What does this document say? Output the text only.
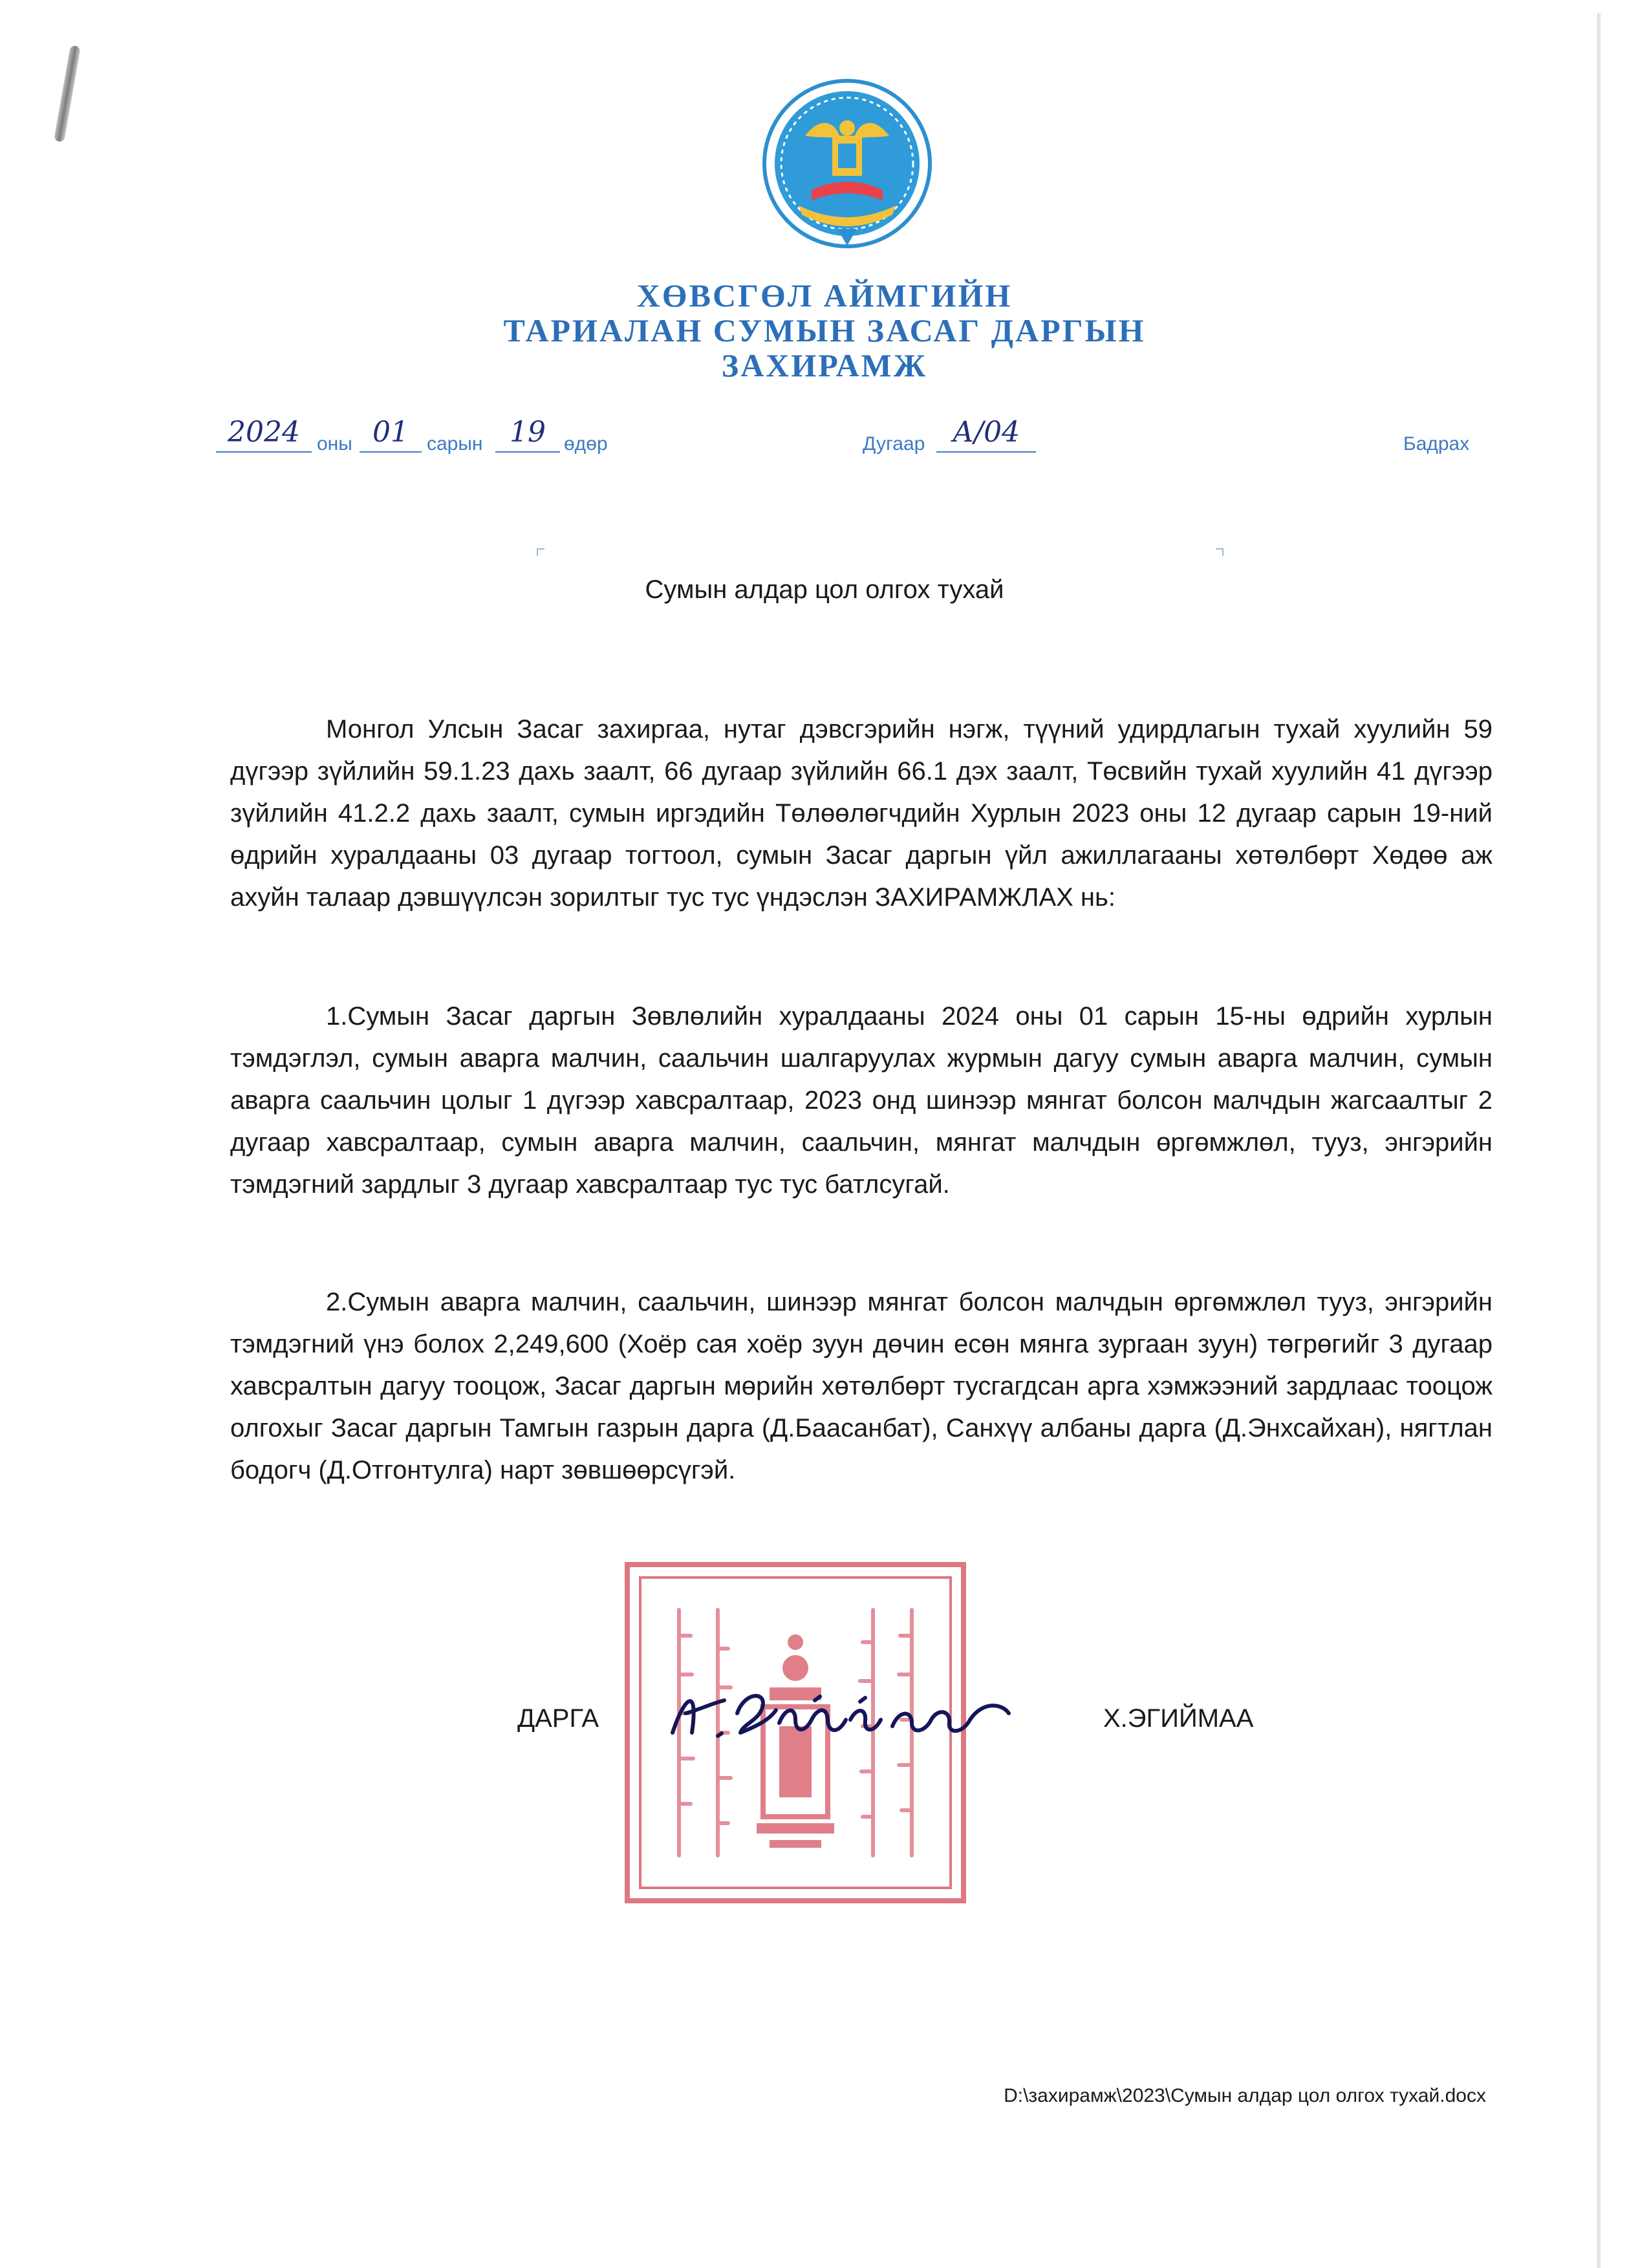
ХӨВСГӨЛ АЙМГИЙН
ТАРИАЛАН СУМЫН ЗАСАГ ДАРГЫН
ЗАХИРАМЖ
2024 оны 01 сарын 19 өдөр	Дугаар А/04	Бадрах
Сумын алдар цол олгох тухай
Монгол Улсын Засаг захиргаа, нутаг дэвсгэрийн нэгж, түүний удирдлагын тухай хуулийн 59 дүгээр зүйлийн 59.1.23 дахь заалт, 66 дугаар зүйлийн 66.1 дэх заалт, Төсвийн тухай хуулийн 41 дүгээр зүйлийн 41.2.2 дахь заалт, сумын иргэдийн Төлөөлөгчдийн Хурлын 2023 оны 12 дугаар сарын 19-ний өдрийн хуралдааны 03 дугаар тогтоол, сумын Засаг даргын үйл ажиллагааны хөтөлбөрт Хөдөө аж ахуйн талаар дэвшүүлсэн зорилтыг тус тус үндэслэн ЗАХИРАМЖЛАХ нь:
1.Сумын Засаг даргын Зөвлөлийн хуралдааны 2024 оны 01 сарын 15-ны өдрийн хурлын тэмдэглэл, сумын аварга малчин, саальчин шалгаруулах журмын дагуу сумын аварга малчин, сумын аварга саальчин цолыг 1 дүгээр хавсралтаар, 2023 онд шинээр мянгат болсон малчдын жагсаалтыг 2 дугаар хавсралтаар, сумын аварга малчин, саальчин, мянгат малчдын өргөмжлөл, тууз, энгэрийн тэмдэгний зардлыг 3 дугаар хавсралтаар тус тус батлсугай.
2.Сумын аварга малчин, саальчин, шинээр мянгат болсон малчдын өргөмжлөл тууз, энгэрийн тэмдэгний үнэ болох 2,249,600 (Хоёр сая хоёр зуун дөчин есөн мянга зургаан зуун) төгрөгийг 3 дугаар хавсралтын дагуу тооцож, Засаг даргын мөрийн хөтөлбөрт тусгагдсан арга хэмжээний зардлаас тооцож олгохыг Засаг даргын Тамгын газрын дарга (Д.Баасанбат), Санхүү албаны дарга (Д.Энхсайхан), нягтлан бодогч (Д.Отгонтулга) нарт зөвшөөрсүгэй.
ДАРГА	Х.ЭГИЙМАА
D:\захирамж\2023\Сумын алдар цол олгох тухай.docx
